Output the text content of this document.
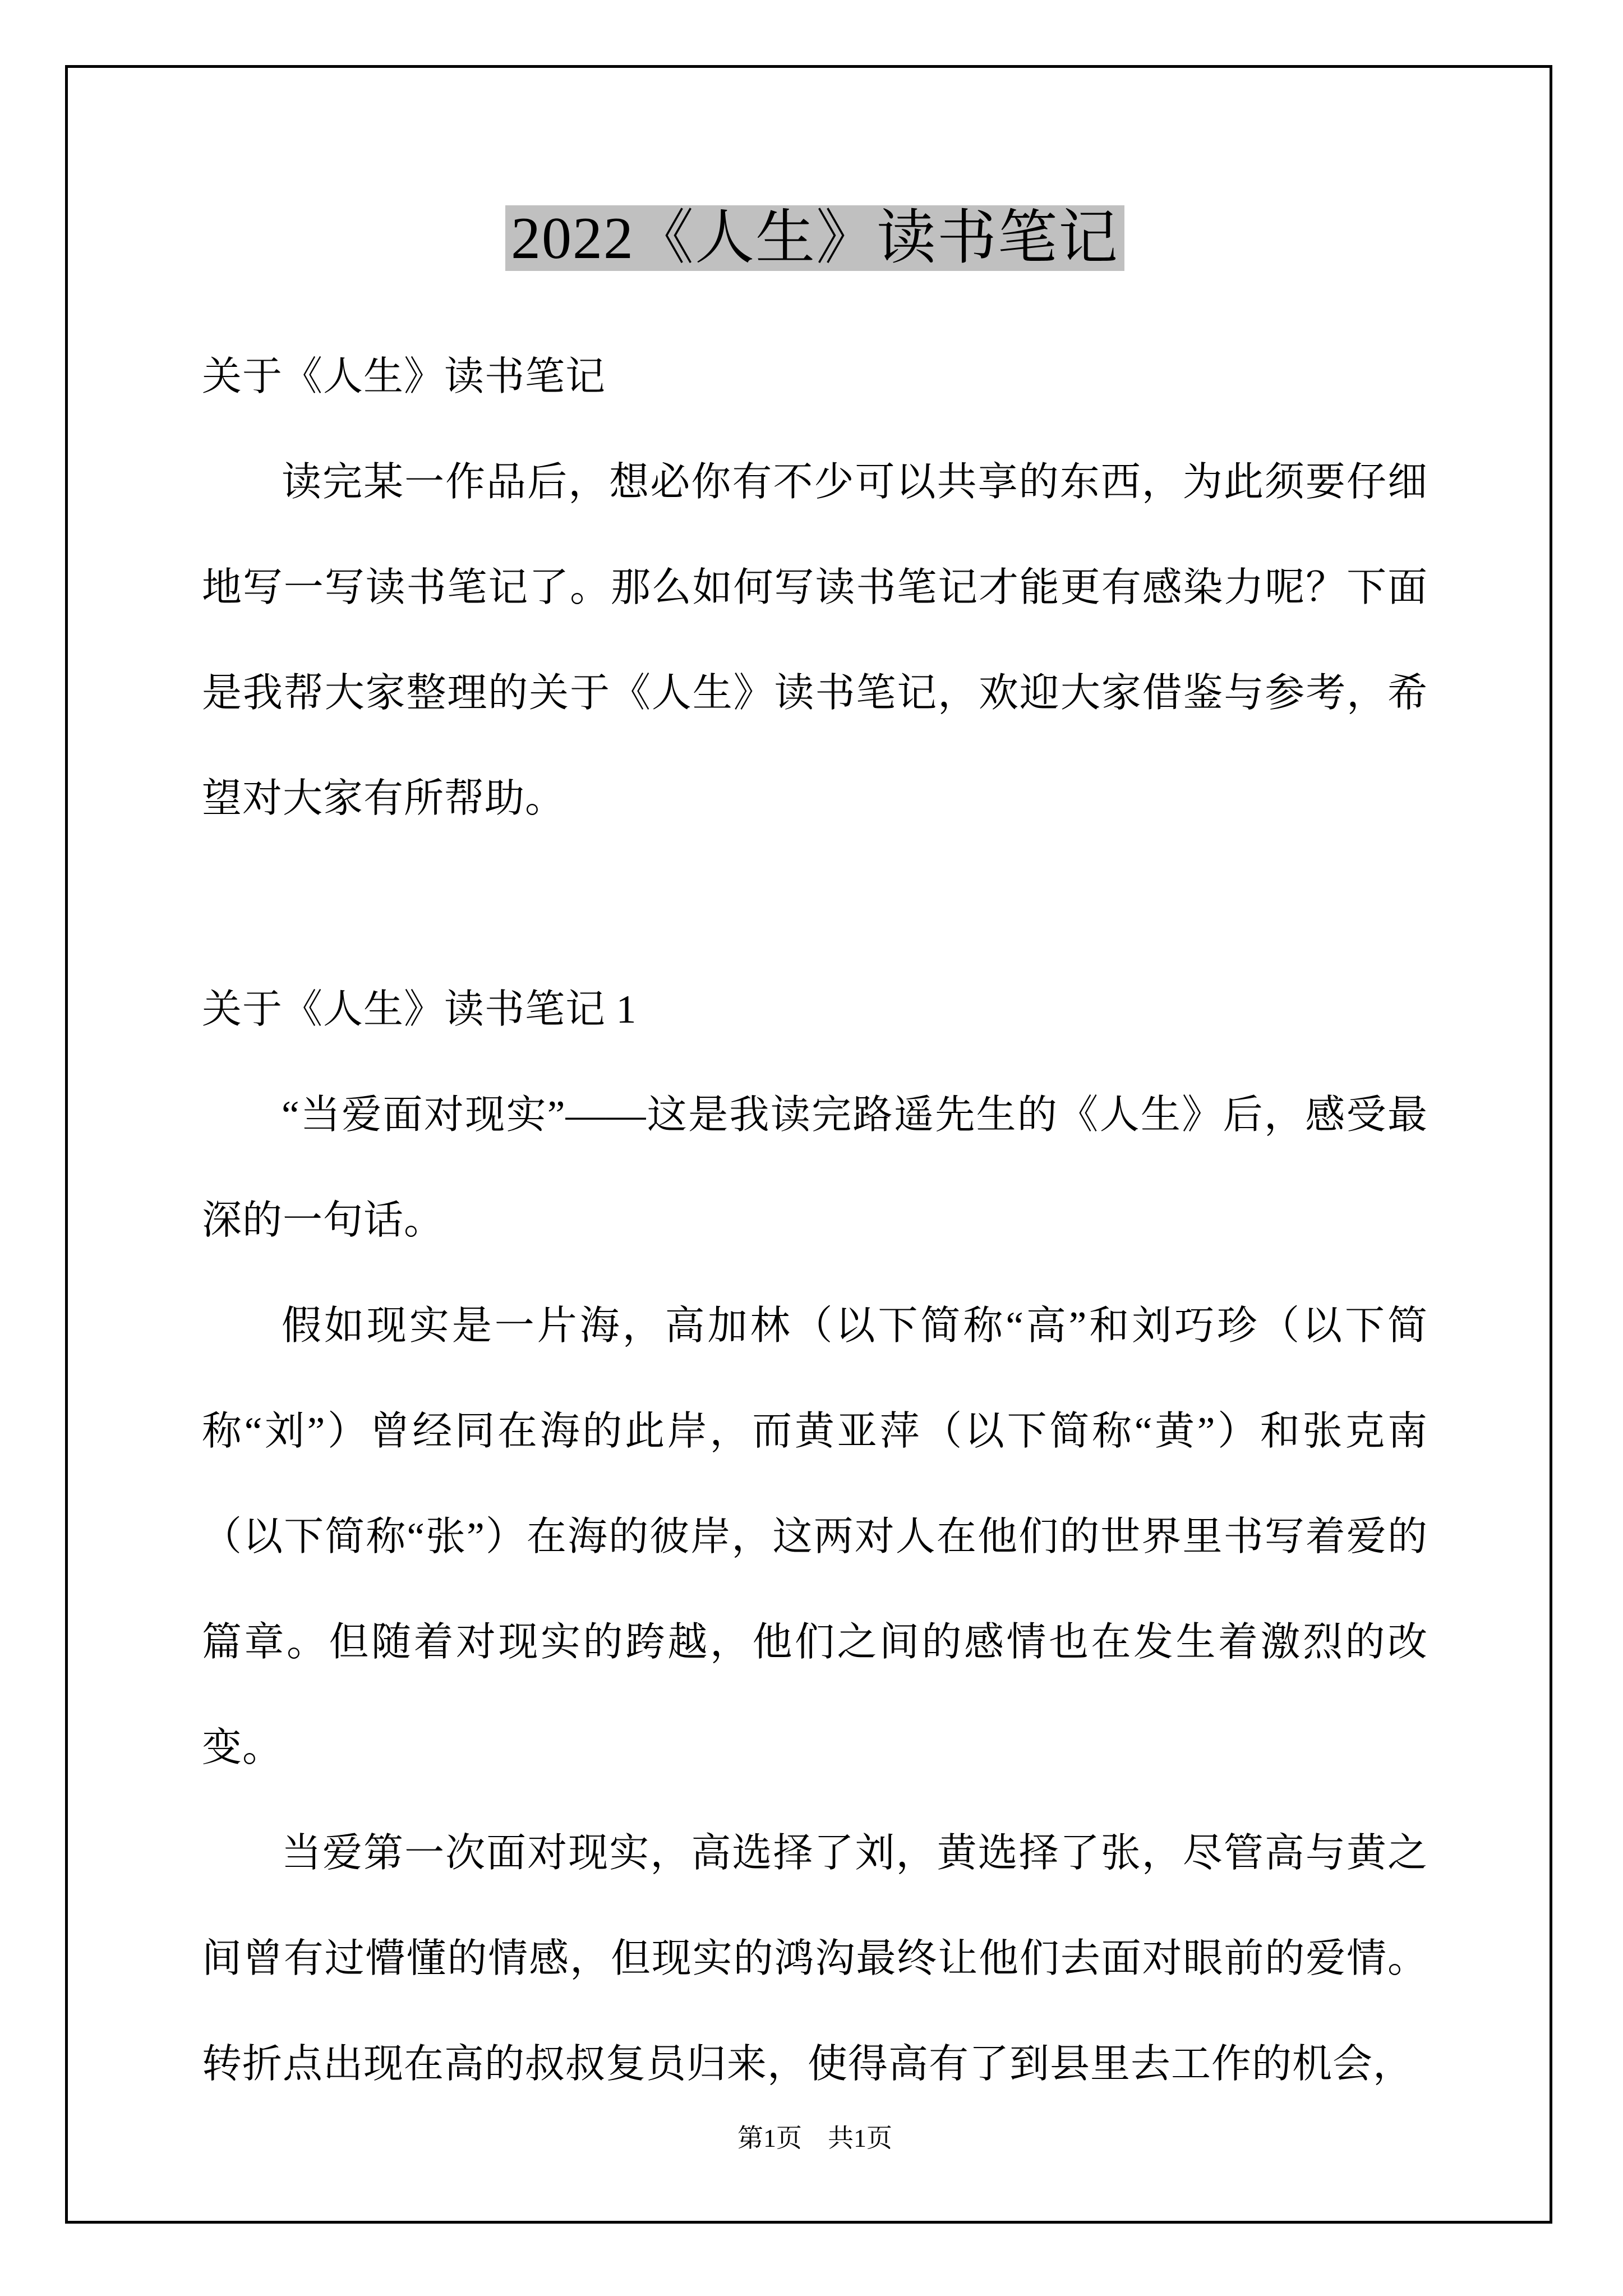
2022《人生》读书笔记

关于《人生》读书笔记

读完某一作品后，想必你有不少可以共享的东西，为此须要仔细地写一写读书笔记了。那么如何写读书笔记才能更有感染力呢？下面是我帮大家整理的关于《人生》读书笔记，欢迎大家借鉴与参考，希望对大家有所帮助。

关于《人生》读书笔记 1

“当爱面对现实”——这是我读完路遥先生的《人生》后，感受最深的一句话。

假如现实是一片海，高加林（以下简称“高”和刘巧珍（以下简称“刘”）曾经同在海的此岸，而黄亚萍（以下简称“黄”）和张克南（以下简称“张”）在海的彼岸，这两对人在他们的世界里书写着爱的篇章。但随着对现实的跨越，他们之间的感情也在发生着激烈的改变。

当爱第一次面对现实，高选择了刘，黄选择了张，尽管高与黄之间曾有过懵懂的情感，但现实的鸿沟最终让他们去面对眼前的爱情。转折点出现在高的叔叔复员归来，使得高有了到县里去工作的机会，

第1页　共1页
